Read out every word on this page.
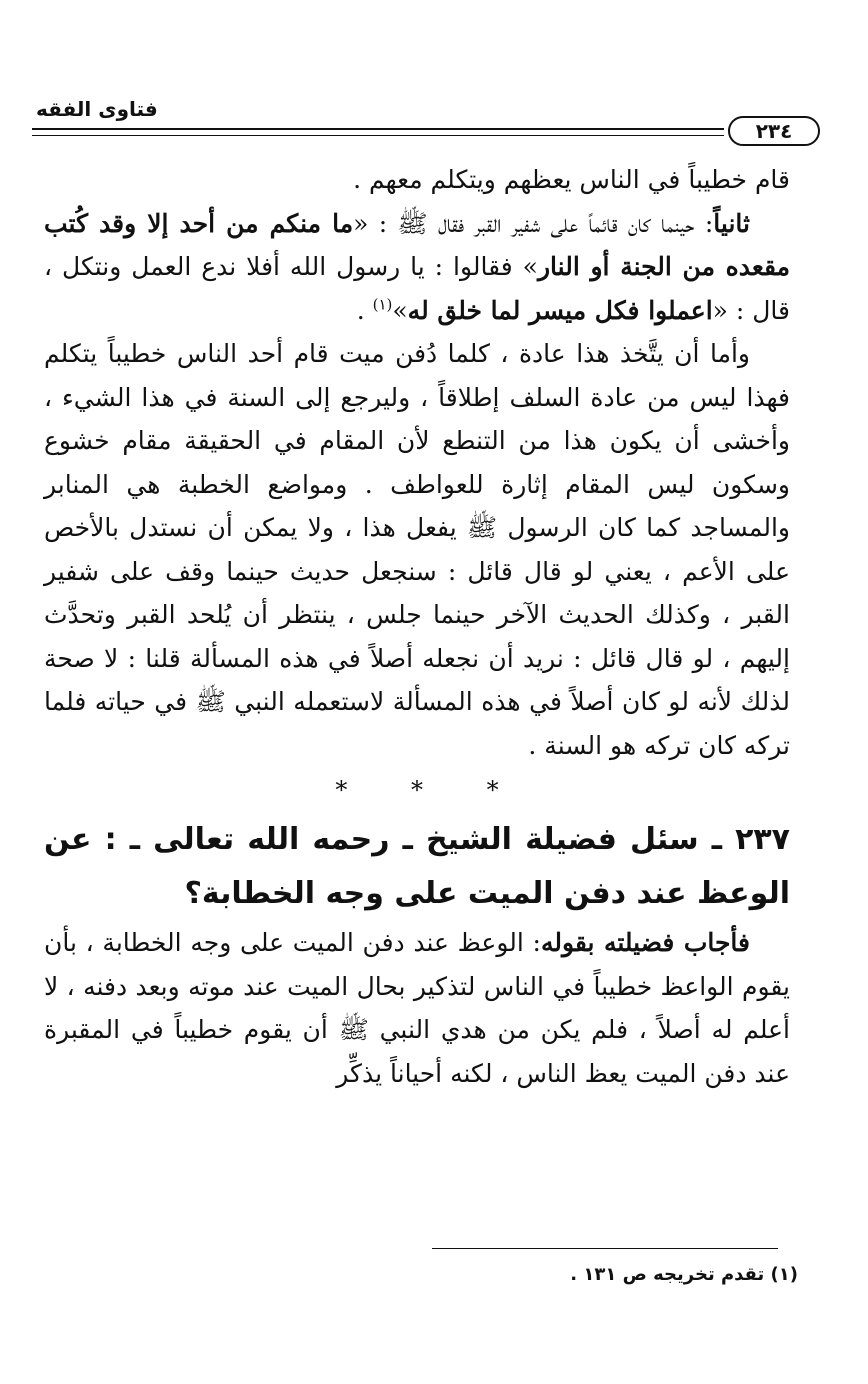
فتاوى الفقه
٢٣٤

قام خطيباً في الناس يعظهم ويتكلم معهم .

ثانياً: حينما كان قائماً على شفير القبر فقال ﷺ : «ما منكم من أحد إلا وقد كُتب مقعده من الجنة أو النار» فقالوا : يا رسول الله أفلا ندع العمل ونتكل ، قال : «اعملوا فكل ميسر لما خلق له»$^{(١)}$ .

وأما أن يتَّخذ هذا عادة ، كلما دُفن ميت قام أحد الناس خطيباً يتكلم فهذا ليس من عادة السلف إطلاقاً ، وليرجع إلى السنة في هذا الشيء ، وأخشى أن يكون هذا من التنطع لأن المقام في الحقيقة مقام خشوع وسكون ليس المقام إثارة للعواطف . ومواضع الخطبة هي المنابر والمساجد كما كان الرسول ﷺ يفعل هذا ، ولا يمكن أن نستدل بالأخص على الأعم ، يعني لو قال قائل : سنجعل حديث حينما وقف على شفير القبر ، وكذلك الحديث الآخر حينما جلس ، ينتظر أن يُلحد القبر وتحدَّث إليهم ، لو قال قائل : نريد أن نجعله أصلاً في هذه المسألة قلنا : لا صحة لذلك لأنه لو كان أصلاً في هذه المسألة لاستعمله النبي ﷺ في حياته فلما تركه كان تركه هو السنة .

* * *

٢٣٧ ـ سئل فضيلة الشيخ ـ رحمه الله تعالى ـ : عن الوعظ عند دفن الميت على وجه الخطابة؟

فأجاب فضيلته بقوله: الوعظ عند دفن الميت على وجه الخطابة ، بأن يقوم الواعظ خطيباً في الناس لتذكير بحال الميت عند موته وبعد دفنه ، لا أعلم له أصلاً ، فلم يكن من هدي النبي ﷺ أن يقوم خطيباً في المقبرة عند دفن الميت يعظ الناس ، لكنه أحياناً يذكِّر

(١) تقدم تخريجه ص ١٣١ .
